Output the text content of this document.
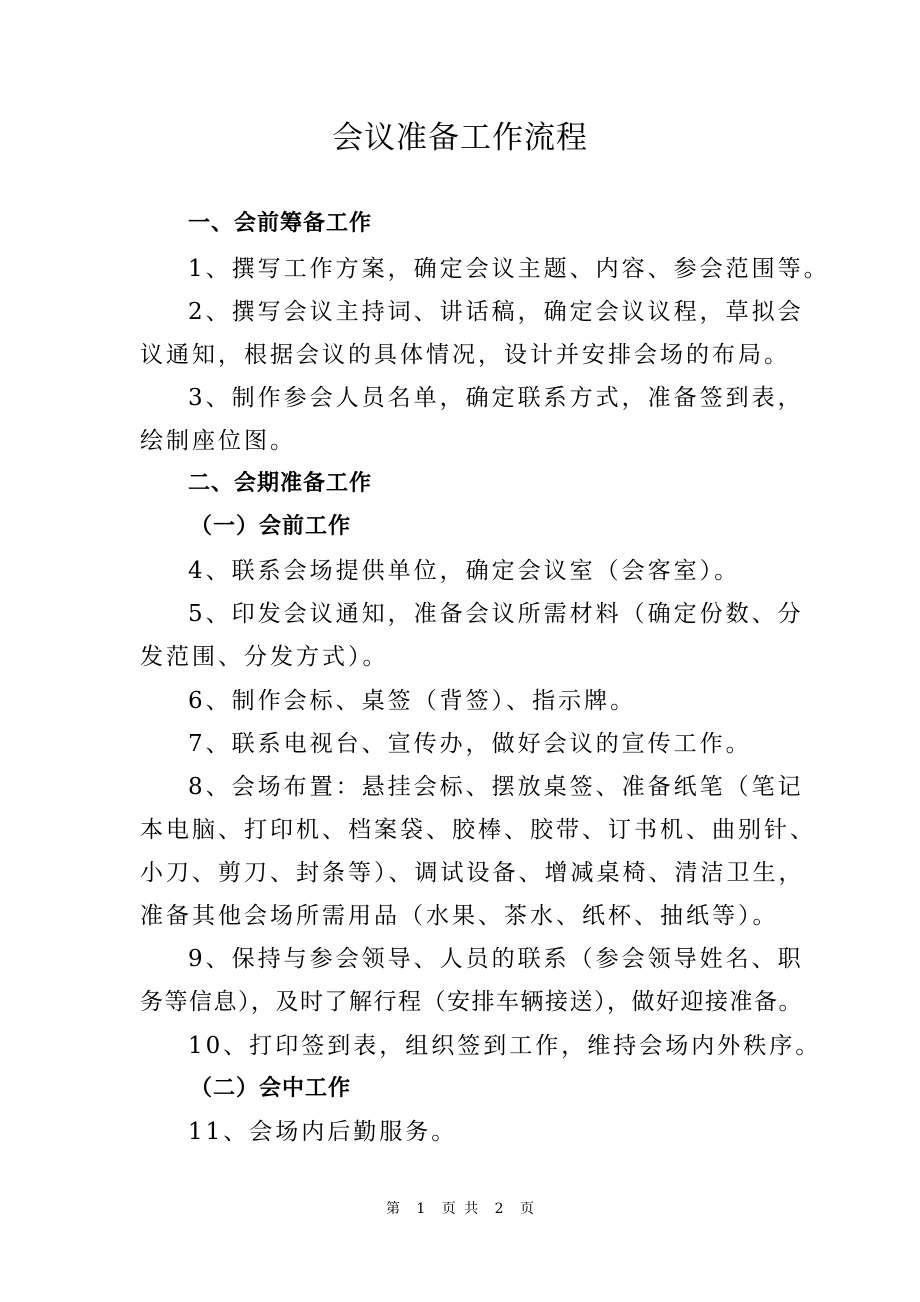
会议准备工作流程
一、会前筹备工作
1、撰写工作方案，确定会议主题、内容、参会范围等。
2、撰写会议主持词、讲话稿，确定会议议程，草拟会
议通知，根据会议的具体情况，设计并安排会场的布局。
3、制作参会人员名单，确定联系方式，准备签到表，
绘制座位图。
二、会期准备工作
（一）会前工作
4、联系会场提供单位，确定会议室（会客室）。
5、印发会议通知，准备会议所需材料（确定份数、分
发范围、分发方式）。
6、制作会标、桌签（背签）、指示牌。
7、联系电视台、宣传办，做好会议的宣传工作。
8、会场布置：悬挂会标、摆放桌签、准备纸笔（笔记
本电脑、打印机、档案袋、胶棒、胶带、订书机、曲别针、
小刀、剪刀、封条等）、调试设备、增减桌椅、清洁卫生，
准备其他会场所需用品（水果、茶水、纸杯、抽纸等）。
9、保持与参会领导、人员的联系（参会领导姓名、职
务等信息），及时了解行程（安排车辆接送），做好迎接准备。
10、打印签到表，组织签到工作，维持会场内外秩序。
（二）会中工作
11、会场内后勤服务。
第 1 页 共 2 页
